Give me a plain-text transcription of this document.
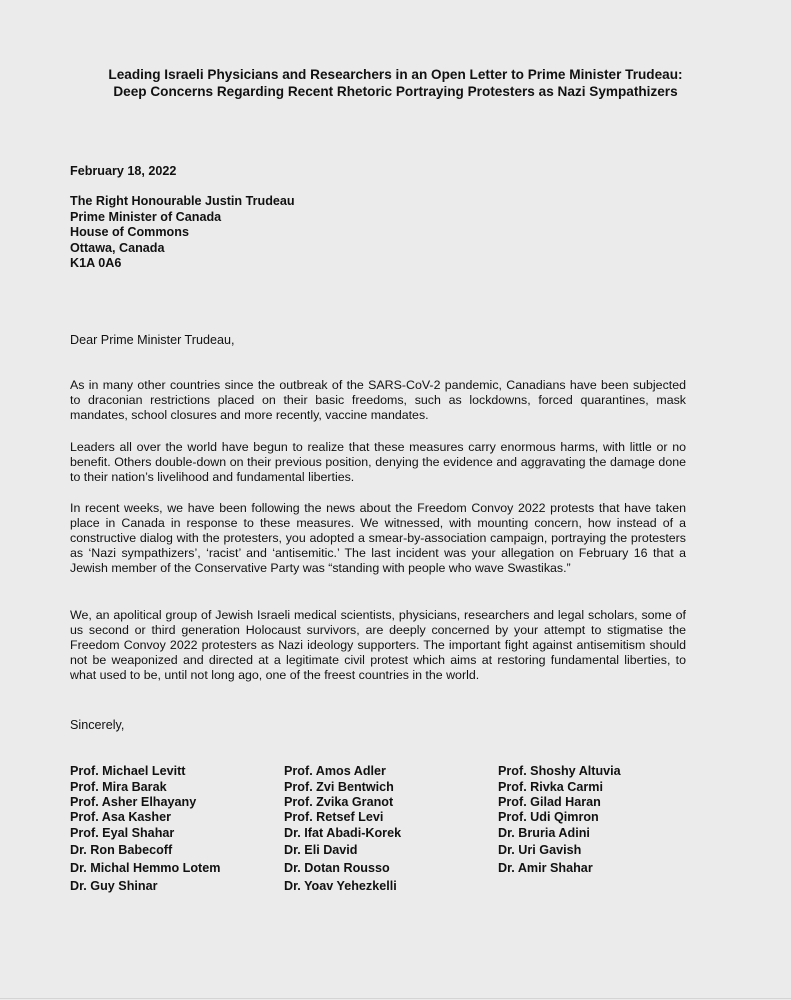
Leading Israeli Physicians and Researchers in an Open Letter to Prime Minister Trudeau:
Deep Concerns Regarding Recent Rhetoric Portraying Protesters as Nazi Sympathizers
February 18, 2022
The Right Honourable Justin Trudeau
Prime Minister of Canada
House of Commons
Ottawa, Canada
K1A 0A6
Dear Prime Minister Trudeau,
As in many other countries since the outbreak of the SARS-CoV-2 pandemic, Canadians have been subjected to draconian restrictions placed on their basic freedoms, such as lockdowns, forced quarantines, mask mandates, school closures and more recently, vaccine mandates.
Leaders all over the world have begun to realize that these measures carry enormous harms, with little or no benefit. Others double-down on their previous position, denying the evidence and aggravating the damage done to their nation’s livelihood and fundamental liberties.
In recent weeks, we have been following the news about the Freedom Convoy 2022 protests that have taken place in Canada in response to these measures. We witnessed, with mounting concern, how instead of a constructive dialog with the protesters, you adopted a smear-by-association campaign, portraying the protesters as ‘Nazi sympathizers’, ‘racist’ and ‘antisemitic.’ The last incident was your allegation on February 16 that a Jewish member of the Conservative Party was “standing with people who wave Swastikas.”
We, an apolitical group of Jewish Israeli medical scientists, physicians, researchers and legal scholars, some of us second or third generation Holocaust survivors, are deeply concerned by your attempt to stigmatise the Freedom Convoy 2022 protesters as Nazi ideology supporters. The important fight against antisemitism should not be weaponized and directed at a legitimate civil protest which aims at restoring fundamental liberties, to what used to be, until not long ago, one of the freest countries in the world.
Sincerely,
Prof. Michael Levitt
Prof. Mira Barak
Prof. Asher Elhayany
Prof. Asa Kasher
Prof. Eyal Shahar
Dr. Ron Babecoff
Dr. Michal Hemmo Lotem
Dr. Guy Shinar
Prof. Amos Adler
Prof. Zvi Bentwich
Prof. Zvika Granot
Prof. Retsef Levi
Dr. Ifat Abadi-Korek
Dr. Eli David
Dr. Dotan Rousso
Dr. Yoav Yehezkelli
Prof. Shoshy Altuvia
Prof. Rivka Carmi
Prof. Gilad Haran
Prof. Udi Qimron
Dr. Bruria Adini
Dr. Uri Gavish
Dr. Amir Shahar
